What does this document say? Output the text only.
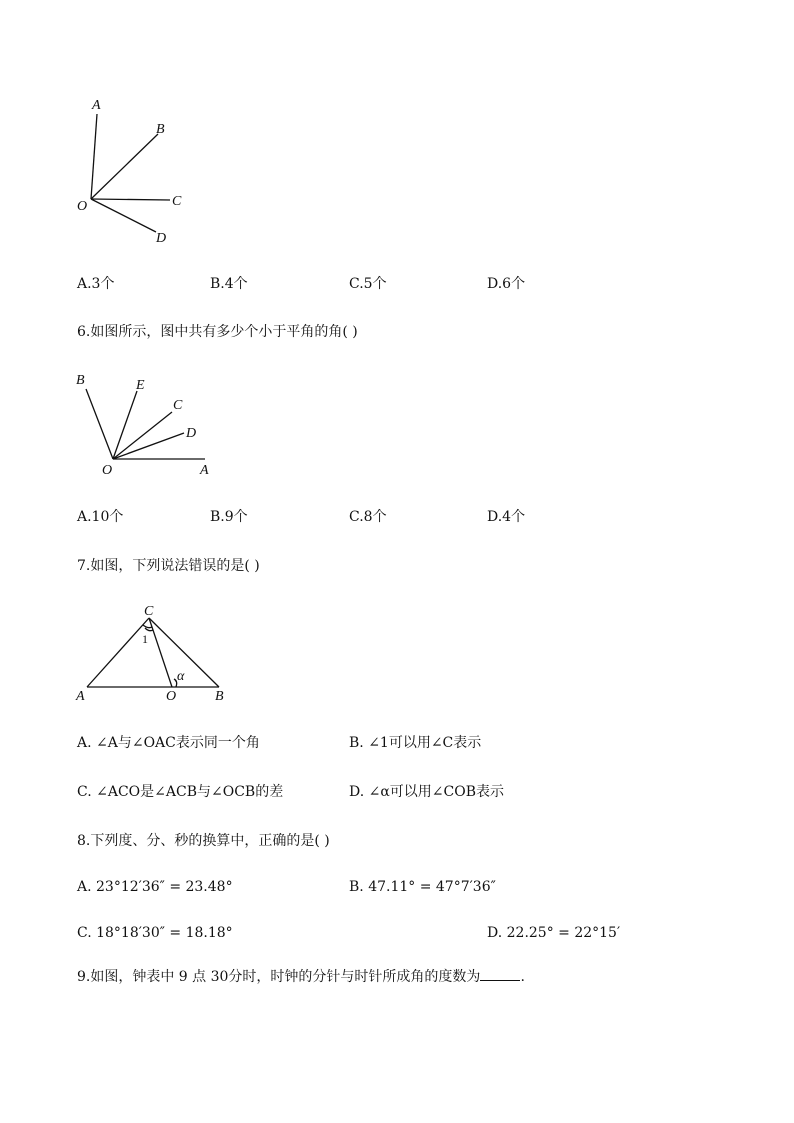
A
B
C
D
O
A.3个	B.4个	C.5个	D.6个
6.如图所示，图中共有多少个小于平角的角( )
B	E
C
D
A
O
A.10个	B.9个	C.8个	D.4个
7.如图，下列说法错误的是( )
C
1
α
A	O	B
A. ∠A与∠OAC表示同一个角	B. ∠1可以用∠C表示
C. ∠ACO是∠ACB与∠OCB的差	D. ∠α可以用∠COB表示
8.下列度、分、秒的换算中，正确的是( )
A. 23°12′36″ = 23.48°	B. 47.11° = 47°7′36″
C. 18°18′30″ = 18.18°	D. 22.25° = 22°15′
9.如图，钟表中 9 点 30分时，时钟的分针与时针所成角的度数为	.
